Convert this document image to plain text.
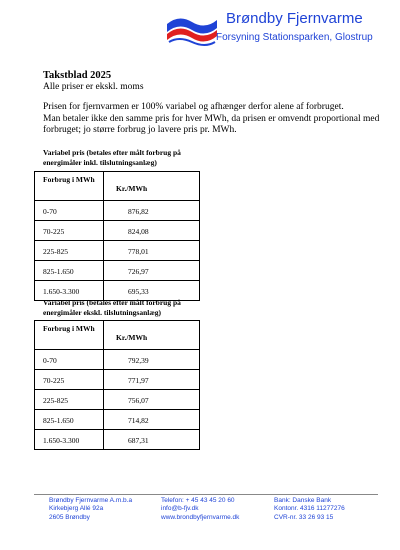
Brøndby Fjernvarme
Forsyning Stationsparken, Glostrup
Takstblad 2025
Alle priser er ekskl. moms

Prisen for fjernvarmen er 100% variabel og afhænger derfor alene af forbruget.

Man betaler ikke den samme pris for hver MWh, da prisen er omvendt proportional med forbruget; jo større forbrug jo lavere pris pr. MWh.

Variabel pris (betales efter målt forbrug på energimåler inkl. tilslutningsanlæg)
Forbrug i MWh	Kr./MWh
0-70	876,82
70-225	824,08
225-825	778,01
825-1.650	726,97
1.650-3.300	695,33
Variabel pris (betales efter målt forbrug på energimåler ekskl. tilslutningsanlæg)
Forbrug i MWh	Kr./MWh
0-70	792,39
70-225	771,97
225-825	756,07
825-1.650	714,82
1.650-3.300	687,31
Brøndby Fjernvarme A.m.b.a
Kirkebjerg Allé 92a
2605 Brøndby
Telefon: + 45 43 45 20 60
info@b-fjv.dk
www.brondbyfjernvarme.dk
Bank: Danske Bank
Kontonr. 4316 11277276
CVR-nr. 33 26 93 15
